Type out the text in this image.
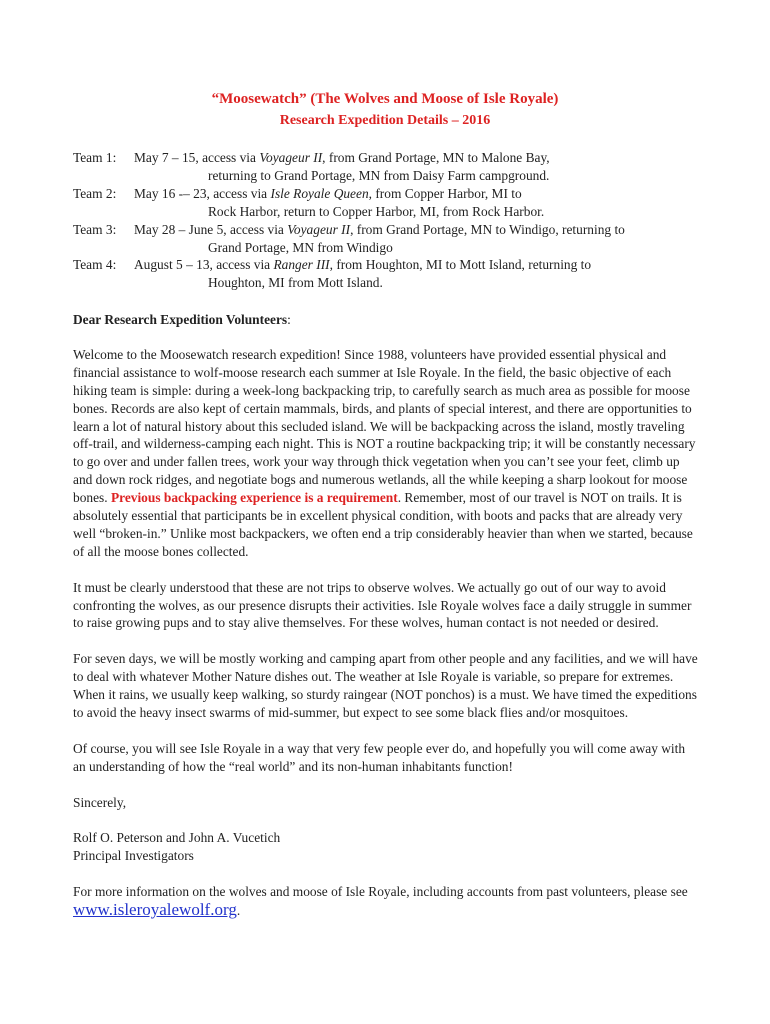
“Moosewatch” (The Wolves and Moose of Isle Royale)
Research Expedition Details – 2016
Team 1: May 7 – 15, access via Voyageur II, from Grand Portage, MN to Malone Bay,
returning to Grand Portage, MN from Daisy Farm campground.
Team 2: May 16 -– 23, access via Isle Royale Queen, from Copper Harbor, MI to
Rock Harbor, return to Copper Harbor, MI, from Rock Harbor.
Team 3: May 28 – June 5, access via Voyageur II, from Grand Portage, MN to Windigo, returning to
Grand Portage, MN from Windigo
Team 4: August 5 – 13, access via Ranger III, from Houghton, MI to Mott Island, returning to
Houghton, MI from Mott Island.

Dear Research Expedition Volunteers:

Welcome to the Moosewatch research expedition! Since 1988, volunteers have provided essential physical and financial assistance to wolf-moose research each summer at Isle Royale. In the field, the basic objective of each hiking team is simple: during a week-long backpacking trip, to carefully search as much area as possible for moose bones. Records are also kept of certain mammals, birds, and plants of special interest, and there are opportunities to learn a lot of natural history about this secluded island. We will be backpacking across the island, mostly traveling off-trail, and wilderness-camping each night. This is NOT a routine backpacking trip; it will be constantly necessary to go over and under fallen trees, work your way through thick vegetation when you can’t see your feet, climb up and down rock ridges, and negotiate bogs and numerous wetlands, all the while keeping a sharp lookout for moose bones. Previous backpacking experience is a requirement. Remember, most of our travel is NOT on trails. It is absolutely essential that participants be in excellent physical condition, with boots and packs that are already very well “broken-in.” Unlike most backpackers, we often end a trip considerably heavier than when we started, because of all the moose bones collected.

It must be clearly understood that these are not trips to observe wolves. We actually go out of our way to avoid confronting the wolves, as our presence disrupts their activities. Isle Royale wolves face a daily struggle in summer to raise growing pups and to stay alive themselves. For these wolves, human contact is not needed or desired.

For seven days, we will be mostly working and camping apart from other people and any facilities, and we will have to deal with whatever Mother Nature dishes out. The weather at Isle Royale is variable, so prepare for extremes. When it rains, we usually keep walking, so sturdy raingear (NOT ponchos) is a must. We have timed the expeditions to avoid the heavy insect swarms of mid-summer, but expect to see some black flies and/or mosquitoes.

Of course, you will see Isle Royale in a way that very few people ever do, and hopefully you will come away with an understanding of how the “real world” and its non-human inhabitants function!

Sincerely,

Rolf O. Peterson and John A. Vucetich
Principal Investigators

For more information on the wolves and moose of Isle Royale, including accounts from past volunteers, please see www.isleroyalewolf.org.
